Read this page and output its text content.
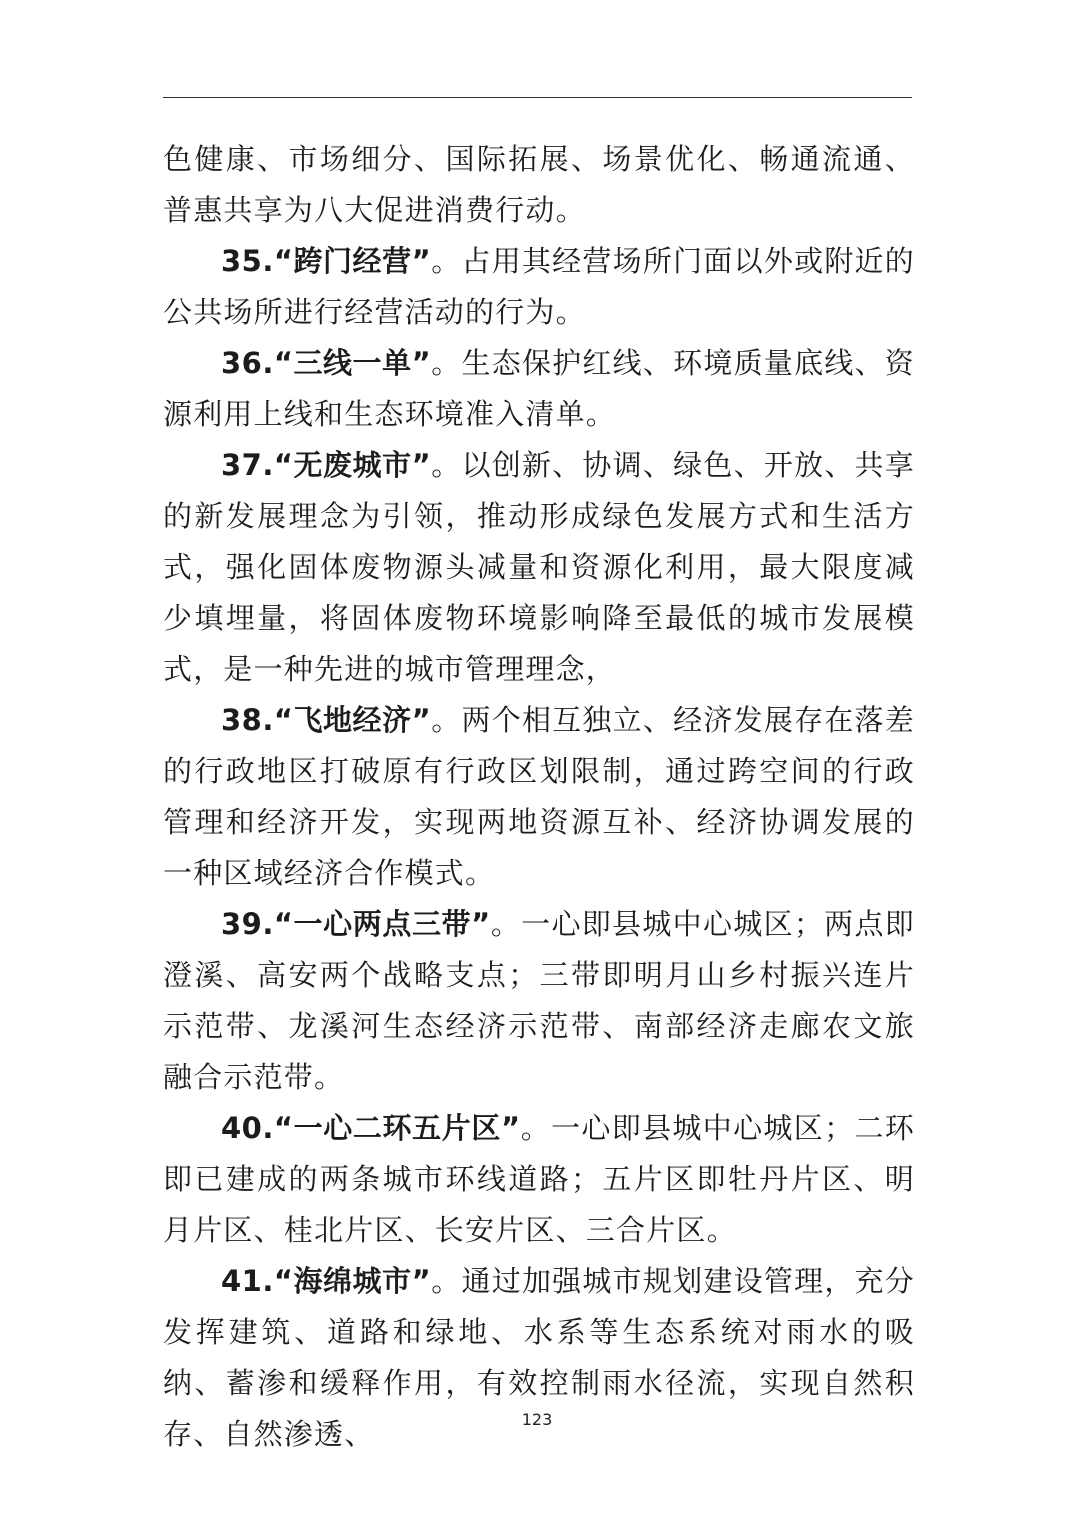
色健康、市场细分、国际拓展、场景优化、畅通流通、普惠共享为八大促进消费行动。

35.“跨门经营”。占用其经营场所门面以外或附近的公共场所进行经营活动的行为。

36.“三线一单”。生态保护红线、环境质量底线、资源利用上线和生态环境准入清单。

37.“无废城市”。以创新、协调、绿色、开放、共享的新发展理念为引领，推动形成绿色发展方式和生活方式，强化固体废物源头减量和资源化利用，最大限度减少填埋量，将固体废物环境影响降至最低的城市发展模式，是一种先进的城市管理理念，

38.“飞地经济”。两个相互独立、经济发展存在落差的行政地区打破原有行政区划限制，通过跨空间的行政管理和经济开发，实现两地资源互补、经济协调发展的一种区域经济合作模式。

39.“一心两点三带”。一心即县城中心城区；两点即澄溪、高安两个战略支点；三带即明月山乡村振兴连片示范带、龙溪河生态经济示范带、南部经济走廊农文旅融合示范带。

40.“一心二环五片区”。一心即县城中心城区；二环即已建成的两条城市环线道路；五片区即牡丹片区、明月片区、桂北片区、长安片区、三合片区。

41.“海绵城市”。通过加强城市规划建设管理，充分发挥建筑、道路和绿地、水系等生态系统对雨水的吸纳、蓄渗和缓释作用，有效控制雨水径流，实现自然积存、自然渗透、	123
